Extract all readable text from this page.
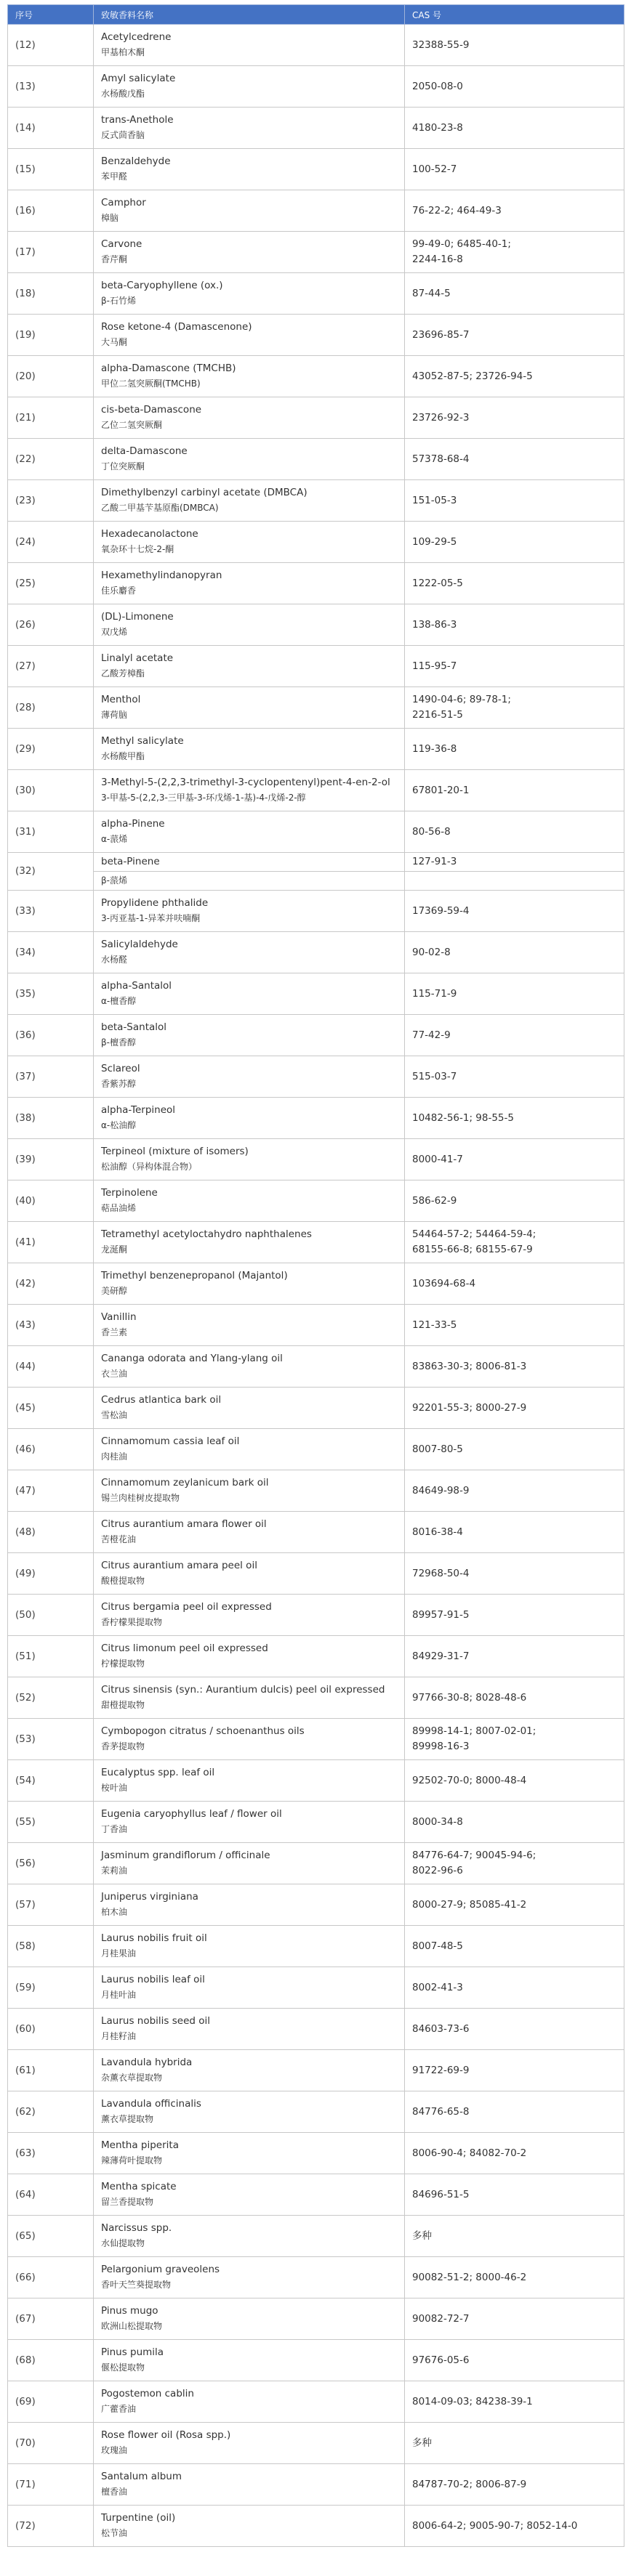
序号	致敏香料名称	CAS 号
(12)	Acetylcedrene
甲基柏木酮	32388-55-9

(13)	Amyl salicylate
水杨酸戊酯	2050-08-0

(14)	trans-Anethole
反式茴香脑	4180-23-8

(15)	Benzaldehyde
苯甲醛	100-52-7

(16)	Camphor
樟脑	76-22-2; 464-49-3

(17)	Carvone
香芹酮	99-49-0; 6485-40-1;
2244-16-8

(18)	beta-Caryophyllene (ox.)
β-石竹烯	87-44-5

(19)	Rose ketone-4 (Damascenone)
大马酮	23696-85-7

(20)	alpha-Damascone (TMCHB)
甲位二氢突厥酮(TMCHB)	43052-87-5; 23726-94-5

(21)	cis-beta-Damascone
乙位二氢突厥酮	23726-92-3

(22)	delta-Damascone
丁位突厥酮	57378-68-4

(23)	Dimethylbenzyl carbinyl acetate (DMBCA)
乙酸二甲基苄基原酯(DMBCA)	151-05-3

(24)	Hexadecanolactone
氧杂环十七烷-2-酮	109-29-5

(25)	Hexamethylindanopyran
佳乐麝香	1222-05-5

(26)	(DL)-Limonene
双戊烯	138-86-3

(27)	Linalyl acetate
乙酸芳樟酯	115-95-7

(28)	Menthol
薄荷脑	1490-04-6; 89-78-1;
2216-51-5

(29)	Methyl salicylate
水杨酸甲酯	119-36-8

(30)	3-Methyl-5-(2,2,3-trimethyl-3-cyclopentenyl)pent-4-en-2-ol
3-甲基-5-(2,2,3-三甲基-3-环戊烯-1-基)-4-戊烯-2-醇	67801-20-1

(31)	alpha-Pinene
α-蒎烯	80-56-8

(32)	beta-Pinene	127-91-3

	β-蒎烯	

(33)	Propylidene phthalide
3-丙亚基-1-异苯并呋喃酮	17369-59-4

(34)	Salicylaldehyde
水杨醛	90-02-8

(35)	alpha-Santalol
α-檀香醇	115-71-9

(36)	beta-Santalol
β-檀香醇	77-42-9

(37)	Sclareol
香紫苏醇	515-03-7

(38)	alpha-Terpineol
α-松油醇	10482-56-1; 98-55-5

(39)	Terpineol (mixture of isomers)
松油醇（异构体混合物）	8000-41-7

(40)	Terpinolene
萜品油烯	586-62-9

(41)	Tetramethyl acetyloctahydro naphthalenes
龙涎酮	54464-57-2; 54464-59-4;
68155-66-8; 68155-67-9

(42)	Trimethyl benzenepropanol (Majantol)
美研醇	103694-68-4

(43)	Vanillin
香兰素	121-33-5

(44)	Cananga odorata and Ylang-ylang oil
衣兰油	83863-30-3; 8006-81-3

(45)	Cedrus atlantica bark oil
雪松油	92201-55-3; 8000-27-9

(46)	Cinnamomum cassia leaf oil
肉桂油	8007-80-5

(47)	Cinnamomum zeylanicum bark oil
锡兰肉桂树皮提取物	84649-98-9

(48)	Citrus aurantium amara flower oil
苦橙花油	8016-38-4

(49)	Citrus aurantium amara peel oil
酸橙提取物	72968-50-4

(50)	Citrus bergamia peel oil expressed
香柠檬果提取物	89957-91-5

(51)	Citrus limonum peel oil expressed
柠檬提取物	84929-31-7

(52)	Citrus sinensis (syn.: Aurantium dulcis) peel oil expressed
甜橙提取物	97766-30-8; 8028-48-6

(53)	Cymbopogon citratus / schoenanthus oils
香茅提取物	89998-14-1; 8007-02-01;
89998-16-3

(54)	Eucalyptus spp. leaf oil
桉叶油	92502-70-0; 8000-48-4

(55)	Eugenia caryophyllus leaf / flower oil
丁香油	8000-34-8

(56)	Jasminum grandiflorum / officinale
茉莉油	84776-64-7; 90045-94-6;
8022-96-6

(57)	Juniperus virginiana
柏木油	8000-27-9; 85085-41-2

(58)	Laurus nobilis fruit oil
月桂果油	8007-48-5

(59)	Laurus nobilis leaf oil
月桂叶油	8002-41-3

(60)	Laurus nobilis seed oil
月桂籽油	84603-73-6

(61)	Lavandula hybrida
杂薰衣草提取物	91722-69-9

(62)	Lavandula officinalis
薰衣草提取物	84776-65-8

(63)	Mentha piperita
辣薄荷叶提取物	8006-90-4; 84082-70-2

(64)	Mentha spicate
留兰香提取物	84696-51-5

(65)	Narcissus spp.
水仙提取物	多种

(66)	Pelargonium graveolens
香叶天竺葵提取物	90082-51-2; 8000-46-2

(67)	Pinus mugo
欧洲山松提取物	90082-72-7

(68)	Pinus pumila
偃松提取物	97676-05-6

(69)	Pogostemon cablin
广藿香油	8014-09-03; 84238-39-1

(70)	Rose flower oil (Rosa spp.)
玫瑰油	多种

(71)	Santalum album
檀香油	84787-70-2; 8006-87-9

(72)	Turpentine (oil)
松节油	8006-64-2; 9005-90-7; 8052-14-0
